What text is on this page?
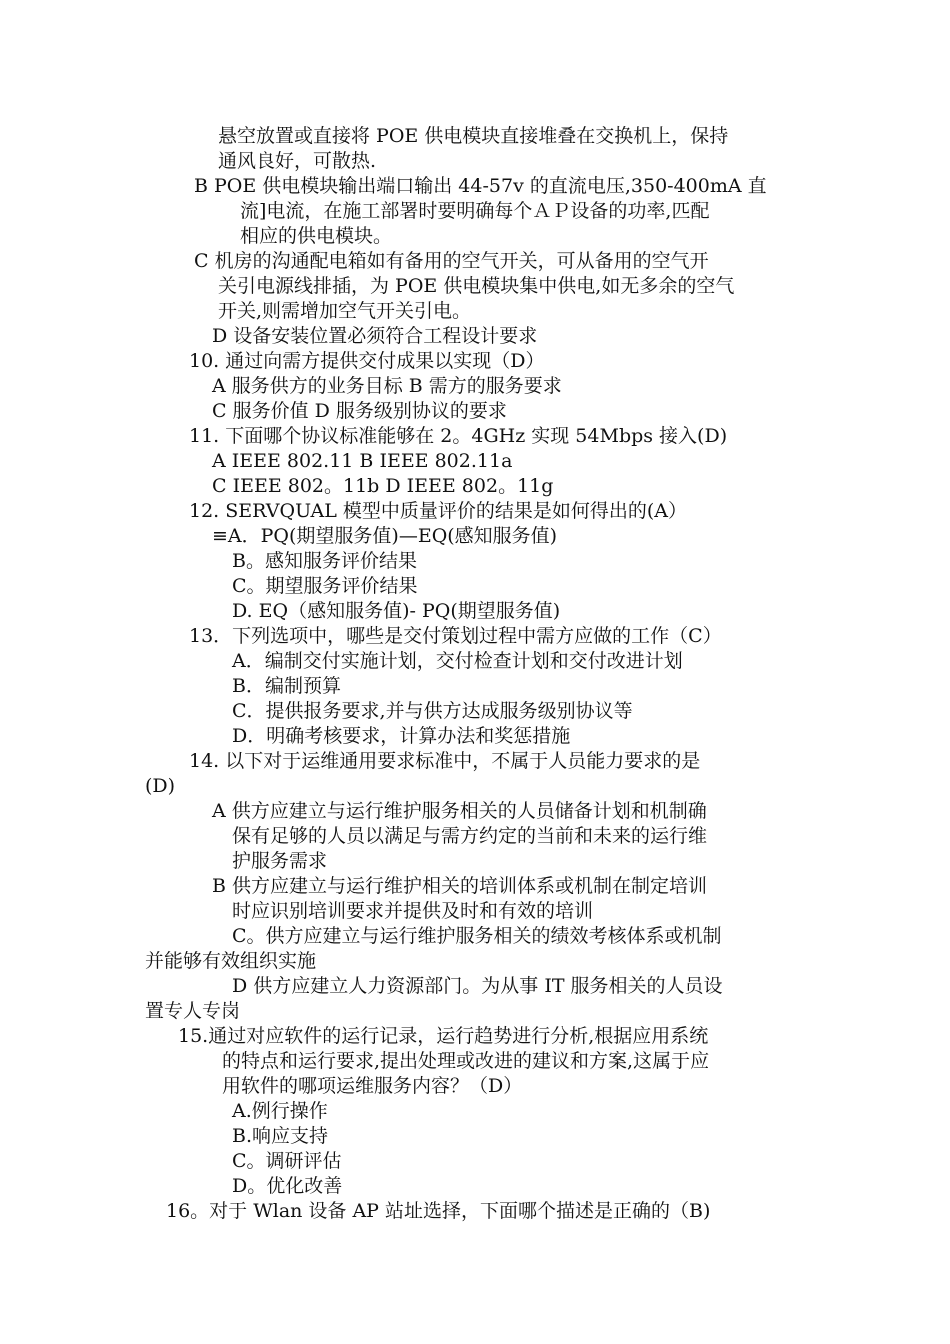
悬空放置或直接将 POE 供电模块直接堆叠在交换机上，保持
通风良好，可散热.
B POE 供电模块输出端口输出 44-57v 的直流电压,350-400mA 直
流]电流，在施工部署时要明确每个ＡＰ设备的功率,匹配
相应的供电模块。
C 机房的沟通配电箱如有备用的空气开关，可从备用的空气开
关引电源线排插，为 POE 供电模块集中供电,如无多余的空气
开关,则需增加空气开关引电。
D 设备安装位置必须符合工程设计要求
10. 通过向需方提供交付成果以实现（D）
A 服务供方的业务目标 B 需方的服务要求
C 服务价值 D 服务级别协议的要求
11. 下面哪个协议标准能够在 2。4GHz 实现 54Mbps 接入(D)
A IEEE 802.11 B IEEE 802.11a
C IEEE 802。11b D IEEE 802。11g
12. SERVQUAL 模型中质量评价的结果是如何得出的(A）
≡A．PQ(期望服务值)—EQ(感知服务值)
B。感知服务评价结果
C。期望服务评价结果
D. EQ（感知服务值)- PQ(期望服务值)
13．下列选项中，哪些是交付策划过程中需方应做的工作（C）
A．编制交付实施计划，交付检查计划和交付改进计划
B．编制预算
C．提供报务要求,并与供方达成服务级别协议等
D．明确考核要求，计算办法和奖惩措施
14. 以下对于运维通用要求标准中，不属于人员能力要求的是
(D)
A 供方应建立与运行维护服务相关的人员储备计划和机制确
保有足够的人员以满足与需方约定的当前和未来的运行维
护服务需求
B 供方应建立与运行维护相关的培训体系或机制在制定培训
时应识别培训要求并提供及时和有效的培训
C。供方应建立与运行维护服务相关的绩效考核体系或机制
并能够有效组织实施
D 供方应建立人力资源部门。为从事 IT 服务相关的人员设
置专人专岗
15.通过对应软件的运行记录，运行趋势进行分析,根据应用系统
的特点和运行要求,提出处理或改进的建议和方案,这属于应
用软件的哪项运维服务内容？（D）
A.例行操作
B.响应支持
C。调研评估
D。优化改善
16。对于 Wlan 设备 AP 站址选择，下面哪个描述是正确的（B)
